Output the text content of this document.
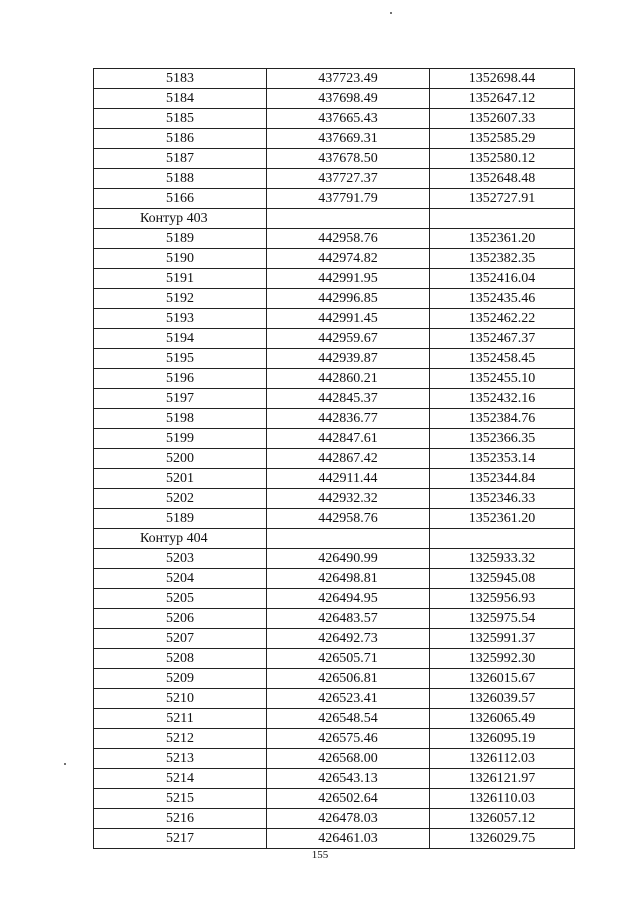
5183	437723.49	1352698.44
5184	437698.49	1352647.12
5185	437665.43	1352607.33
5186	437669.31	1352585.29
5187	437678.50	1352580.12
5188	437727.37	1352648.48
5166	437791.79	1352727.91
Контур 403		
5189	442958.76	1352361.20
5190	442974.82	1352382.35
5191	442991.95	1352416.04
5192	442996.85	1352435.46
5193	442991.45	1352462.22
5194	442959.67	1352467.37
5195	442939.87	1352458.45
5196	442860.21	1352455.10
5197	442845.37	1352432.16
5198	442836.77	1352384.76
5199	442847.61	1352366.35
5200	442867.42	1352353.14
5201	442911.44	1352344.84
5202	442932.32	1352346.33
5189	442958.76	1352361.20
Контур 404		
5203	426490.99	1325933.32
5204	426498.81	1325945.08
5205	426494.95	1325956.93
5206	426483.57	1325975.54
5207	426492.73	1325991.37
5208	426505.71	1325992.30
5209	426506.81	1326015.67
5210	426523.41	1326039.57
5211	426548.54	1326065.49
5212	426575.46	1326095.19
5213	426568.00	1326112.03
5214	426543.13	1326121.97
5215	426502.64	1326110.03
5216	426478.03	1326057.12
5217	426461.03	1326029.75
155
